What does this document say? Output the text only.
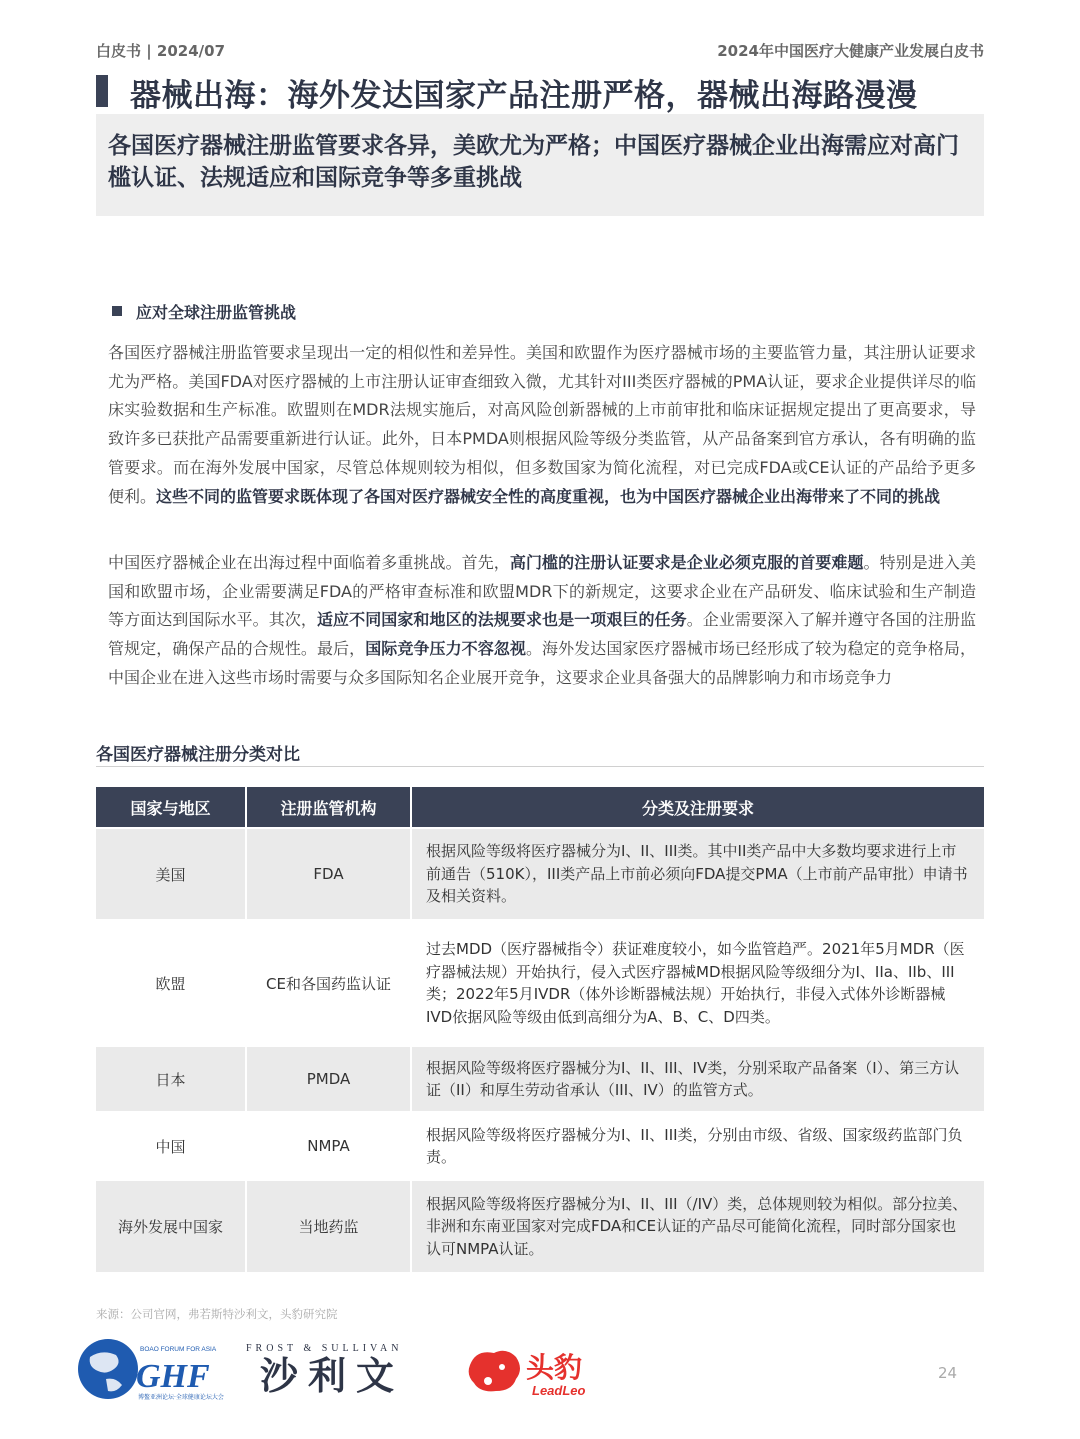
白皮书 | 2024/07	2024年中国医疗大健康产业发展白皮书
器械出海：海外发达国家产品注册严格，器械出海路漫漫
各国医疗器械注册监管要求各异，美欧尤为严格；中国医疗器械企业出海需应对高门槛认证、法规适应和国际竞争等多重挑战
应对全球注册监管挑战
各国医疗器械注册监管要求呈现出一定的相似性和差异性。美国和欧盟作为医疗器械市场的主要监管力量，其注册认证要求尤为严格。美国FDA对医疗器械的上市注册认证审查细致入微，尤其针对III类医疗器械的PMA认证，要求企业提供详尽的临床实验数据和生产标准。欧盟则在MDR法规实施后，对高风险创新器械的上市前审批和临床证据规定提出了更高要求，导致许多已获批产品需要重新进行认证。此外，日本PMDA则根据风险等级分类监管，从产品备案到官方承认，各有明确的监管要求。而在海外发展中国家，尽管总体规则较为相似，但多数国家为简化流程，对已完成FDA或CE认证的产品给予更多便利。这些不同的监管要求既体现了各国对医疗器械安全性的高度重视，也为中国医疗器械企业出海带来了不同的挑战
中国医疗器械企业在出海过程中面临着多重挑战。首先，高门槛的注册认证要求是企业必须克服的首要难题。特别是进入美国和欧盟市场，企业需要满足FDA的严格审查标准和欧盟MDR下的新规定，这要求企业在产品研发、临床试验和生产制造等方面达到国际水平。其次，适应不同国家和地区的法规要求也是一项艰巨的任务。企业需要深入了解并遵守各国的注册监管规定，确保产品的合规性。最后，国际竞争压力不容忽视。海外发达国家医疗器械市场已经形成了较为稳定的竞争格局，中国企业在进入这些市场时需要与众多国际知名企业展开竞争，这要求企业具备强大的品牌影响力和市场竞争力
各国医疗器械注册分类对比
国家与地区	注册监管机构	分类及注册要求
美国	FDA	根据风险等级将医疗器械分为I、II、III类。其中II类产品中大多数均要求进行上市前通告（510K），III类产品上市前必须向FDA提交PMA（上市前产品审批）申请书及相关资料。
欧盟	CE和各国药监认证	过去MDD（医疗器械指令）获证难度较小，如今监管趋严。2021年5月MDR（医疗器械法规）开始执行，侵入式医疗器械MD根据风险等级细分为I、IIa、IIb、III类；2022年5月IVDR（体外诊断器械法规）开始执行，非侵入式体外诊断器械IVD依据风险等级由低到高细分为A、B、C、D四类。
日本	PMDA	根据风险等级将医疗器械分为I、II、III、IV类，分别采取产品备案（I）、第三方认证（II）和厚生劳动省承认（III、IV）的监管方式。
中国	NMPA	根据风险等级将医疗器械分为I、II、III类，分别由市级、省级、国家级药监部门负责。
海外发展中国家	当地药监	根据风险等级将医疗器械分为I、II、III（/IV）类，总体规则较为相似。部分拉美、非洲和东南亚国家对完成FDA和CE认证的产品尽可能简化流程，同时部分国家也认可NMPA认证。
来源：公司官网，弗若斯特沙利文，头豹研究院
BOAO FORUM FOR ASIA
GHF
博鳌亚洲论坛·全球健康论坛大会
FROST & SULLIVAN
沙利文	头豹
LeadLeo
24
